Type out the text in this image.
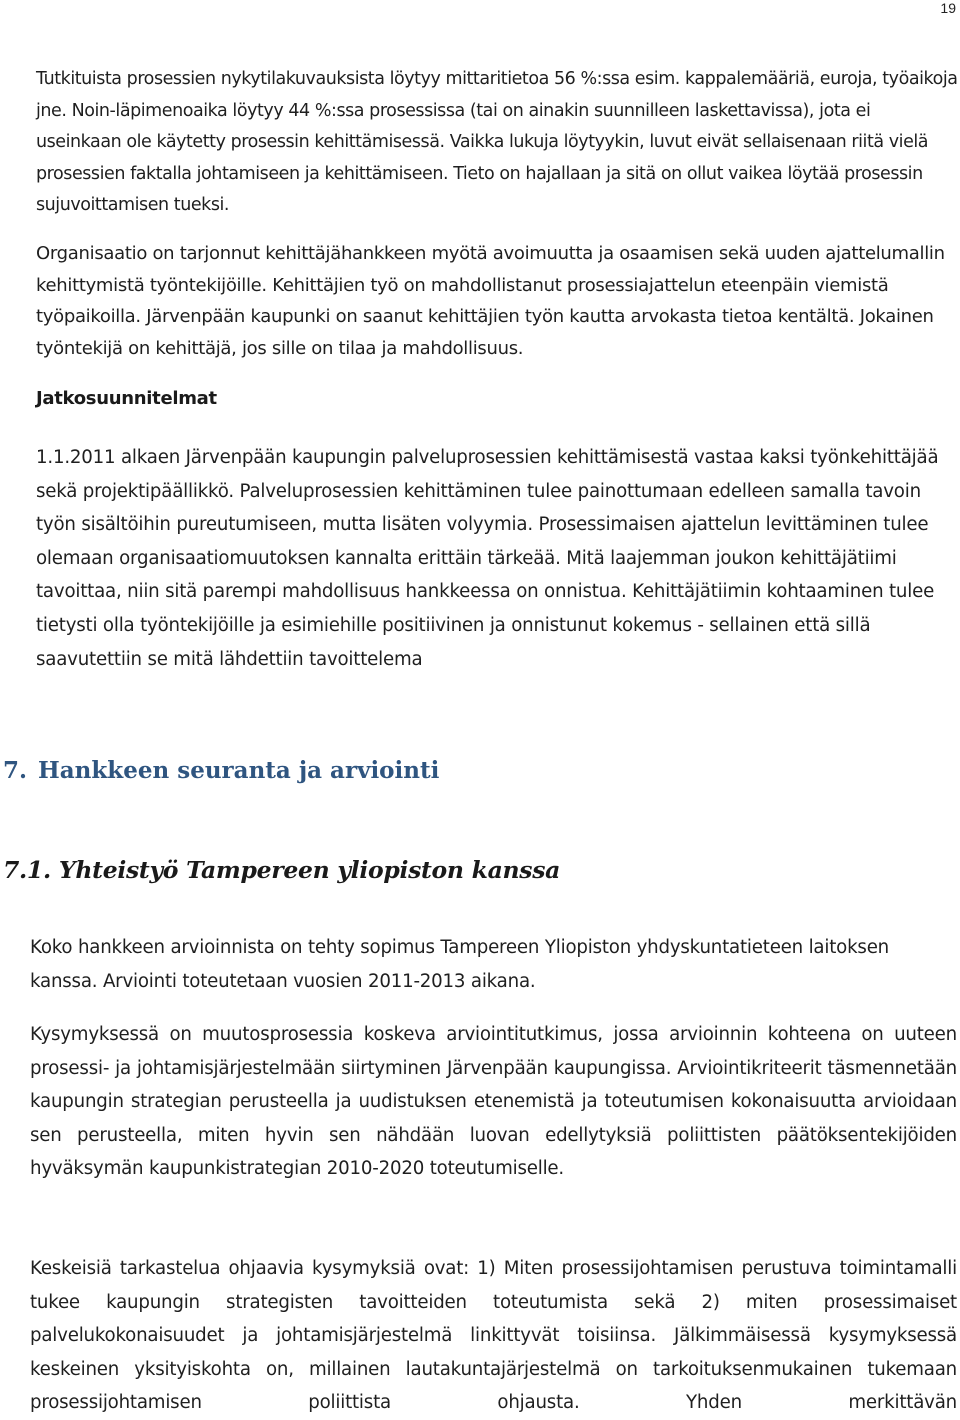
19

Tutkituista prosessien nykytilakuvauksista löytyy mittaritietoa 56 %:ssa esim. kappalemääriä, euroja, työaikoja jne. Noin-läpimenoaika löytyy 44 %:ssa prosessissa (tai on ainakin suunnilleen laskettavissa), jota ei useinkaan ole käytetty prosessin kehittämisessä. Vaikka lukuja löytyykin, luvut eivät sellaisenaan riitä vielä prosessien faktalla johtamiseen ja kehittämiseen. Tieto on hajallaan ja sitä on ollut vaikea löytää prosessin sujuvoittamisen tueksi.

Organisaatio on tarjonnut kehittäjähankkeen myötä avoimuutta ja osaamisen sekä uuden ajattelumallin kehittymistä työntekijöille. Kehittäjien työ on mahdollistanut prosessiajattelun eteenpäin viemistä työpaikoilla. Järvenpään kaupunki on saanut kehittäjien työn kautta arvokasta tietoa kentältä. Jokainen työntekijä on kehittäjä, jos sille on tilaa ja mahdollisuus.

Jatkosuunnitelmat

1.1.2011 alkaen Järvenpään kaupungin palveluprosessien kehittämisestä vastaa kaksi työnkehittäjää sekä projektipäällikkö. Palveluprosessien kehittäminen tulee painottumaan edelleen samalla tavoin työn sisältöihin pureutumiseen, mutta lisäten volyymia. Prosessimaisen ajattelun levittäminen tulee olemaan organisaatiomuutoksen kannalta erittäin tärkeää. Mitä laajemman joukon kehittäjätiimi tavoittaa, niin sitä parempi mahdollisuus hankkeessa on onnistua. Kehittäjätiimin kohtaaminen tulee tietysti olla työntekijöille ja esimiehille positiivinen ja onnistunut kokemus - sellainen että sillä saavutettiin se mitä lähdettiin tavoittelema

7. Hankkeen seuranta ja arviointi
7.1. Yhteistyö Tampereen yliopiston kanssa

Koko hankkeen arvioinnista on tehty sopimus Tampereen Yliopiston yhdyskuntatieteen laitoksen kanssa. Arviointi toteutetaan vuosien 2011-2013 aikana.

Kysymyksessä on muutosprosessia koskeva arviointitutkimus, jossa arvioinnin kohteena on uuteen prosessi- ja johtamisjärjestelmään siirtyminen Järvenpään kaupungissa. Arviointikriteerit täsmennetään kaupungin strategian perusteella ja uudistuksen etenemistä ja toteutumisen kokonaisuutta arvioidaan sen perusteella, miten hyvin sen nähdään luovan edellytyksiä poliittisten päätöksentekijöiden hyväksymän kaupunkistrategian 2010-2020 toteutumiselle.

Keskeisiä tarkastelua ohjaavia kysymyksiä ovat: 1) Miten prosessijohtamisen perustuva toimintamalli tukee kaupungin strategisten tavoitteiden toteutumista sekä 2) miten prosessimaiset palvelukokonaisuudet ja johtamisjärjestelmä linkittyvät toisiinsa. Jälkimmäisessä kysymyksessä keskeinen yksityiskohta on, millainen lautakuntajärjestelmä on tarkoituksenmukainen tukemaan prosessijohtamisen poliittista ohjausta. Yhden merkittävän
